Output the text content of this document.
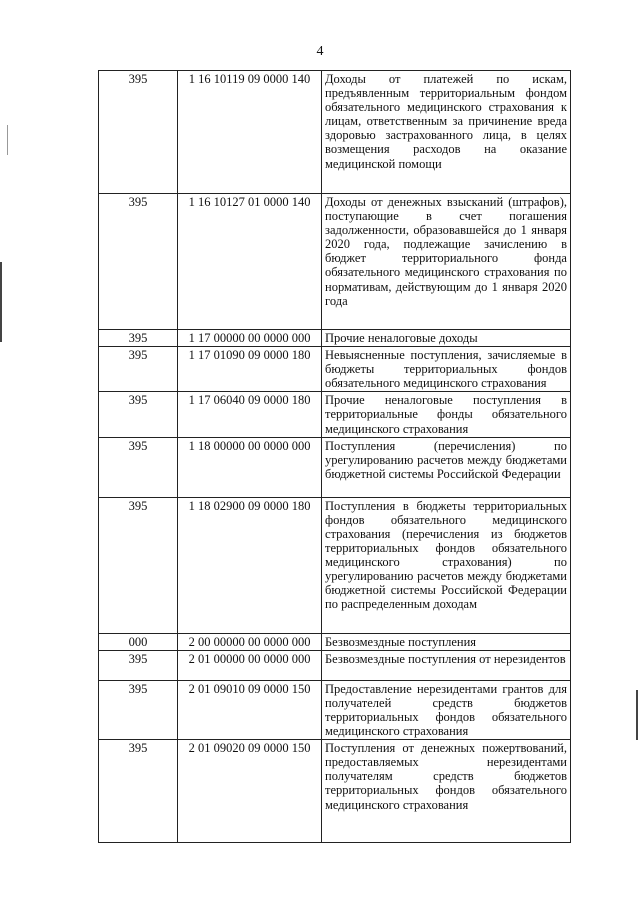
4
395	1 16 10119 09 0000 140	Доходы от платежей по искам, предъявленным территориальным фондом обязательного медицинского страхования к лицам, ответственным за причинение вреда здоровью застрахованного лица, в целях возмещения расходов на оказание медицинской помощи
395	1 16 10127 01 0000 140	Доходы от денежных взысканий (штрафов), поступающие в счет погашения задолженности, образовавшейся до 1 января 2020 года, подлежащие зачислению в бюджет территориального фонда обязательного медицинского страхования по нормативам, действующим до 1 января 2020 года
395	1 17 00000 00 0000 000	Прочие неналоговые доходы
395	1 17 01090 09 0000 180	Невыясненные поступления, зачисляемые в бюджеты территориальных фондов обязательного медицинского страхования
395	1 17 06040 09 0000 180	Прочие неналоговые поступления в территориальные фонды обязательного медицинского страхования
395	1 18 00000 00 0000 000	Поступления (перечисления) по урегулированию расчетов между бюджетами бюджетной системы Российской Федерации
395	1 18 02900 09 0000 180	Поступления в бюджеты территориальных фондов обязательного медицинского страхования (перечисления из бюджетов территориальных фондов обязательного медицинского страхования) по урегулированию расчетов между бюджетами бюджетной системы Российской Федерации по распределенным доходам
000	2 00 00000 00 0000 000	Безвозмездные поступления
395	2 01 00000 00 0000 000	Безвозмездные поступления от нерезидентов
395	2 01 09010 09 0000 150	Предоставление нерезидентами грантов для получателей средств бюджетов территориальных фондов обязательного медицинского страхования
395	2 01 09020 09 0000 150	Поступления от денежных пожертвований, предоставляемых нерезидентами получателям средств бюджетов территориальных фондов обязательного медицинского страхования
